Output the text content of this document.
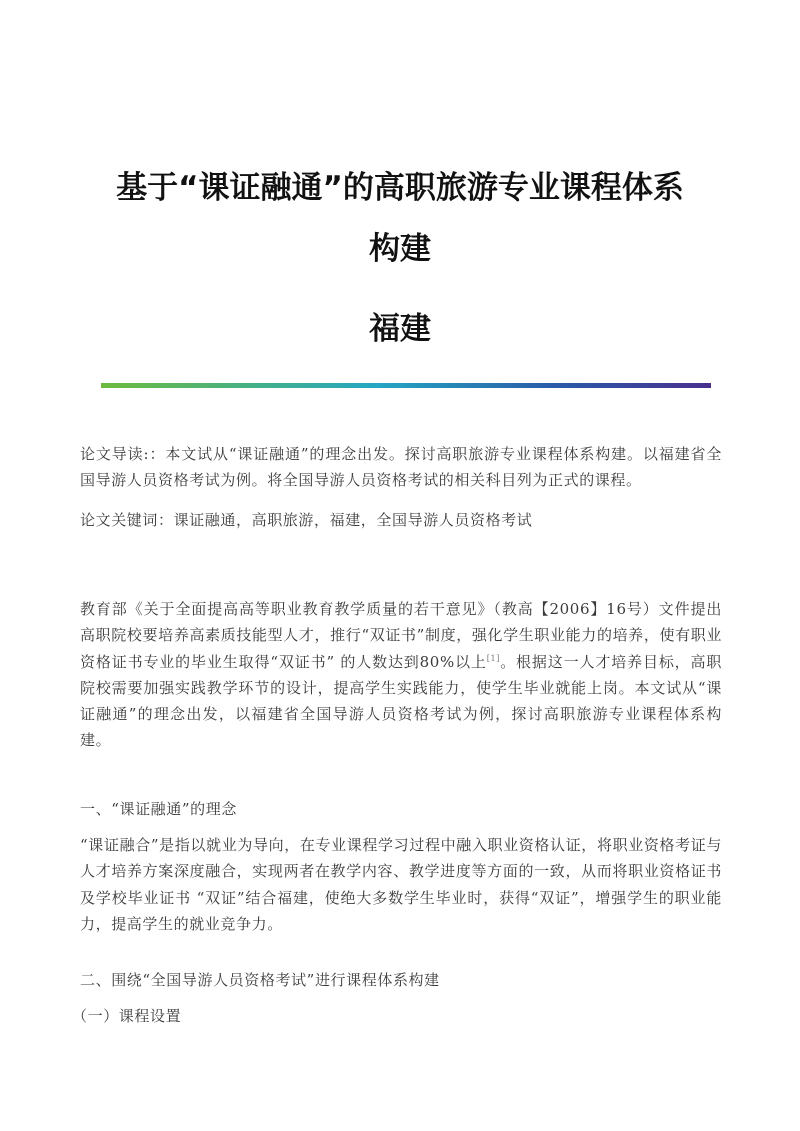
基于“课证融通”的高职旅游专业课程体系
构建
福建

论文导读:：本文试从“课证融通”的理念出发。探讨高职旅游专业课程体系构建。以福建省全国导游人员资格考试为例。将全国导游人员资格考试的相关科目列为正式的课程。

论文关键词：课证融通，高职旅游，福建，全国导游人员资格考试

教育部《关于全面提高高等职业教育教学质量的若干意见》（教高【2006】16号）文件提出高职院校要培养高素质技能型人才，推行“双证书”制度，强化学生职业能力的培养，使有职业资格证书专业的毕业生取得“双证书” 的人数达到80%以上[1]。根据这一人才培养目标，高职院校需要加强实践教学环节的设计，提高学生实践能力，使学生毕业就能上岗。本文试从“课证融通”的理念出发，以福建省全国导游人员资格考试为例，探讨高职旅游专业课程体系构建。

一、“课证融通”的理念

“课证融合”是指以就业为导向，在专业课程学习过程中融入职业资格认证，将职业资格考证与人才培养方案深度融合，实现两者在教学内容、教学进度等方面的一致，从而将职业资格证书及学校毕业证书 “双证”结合福建，使绝大多数学生毕业时，获得“双证”，增强学生的职业能力，提高学生的就业竞争力。

二、围绕“全国导游人员资格考试”进行课程体系构建

（一）课程设置
